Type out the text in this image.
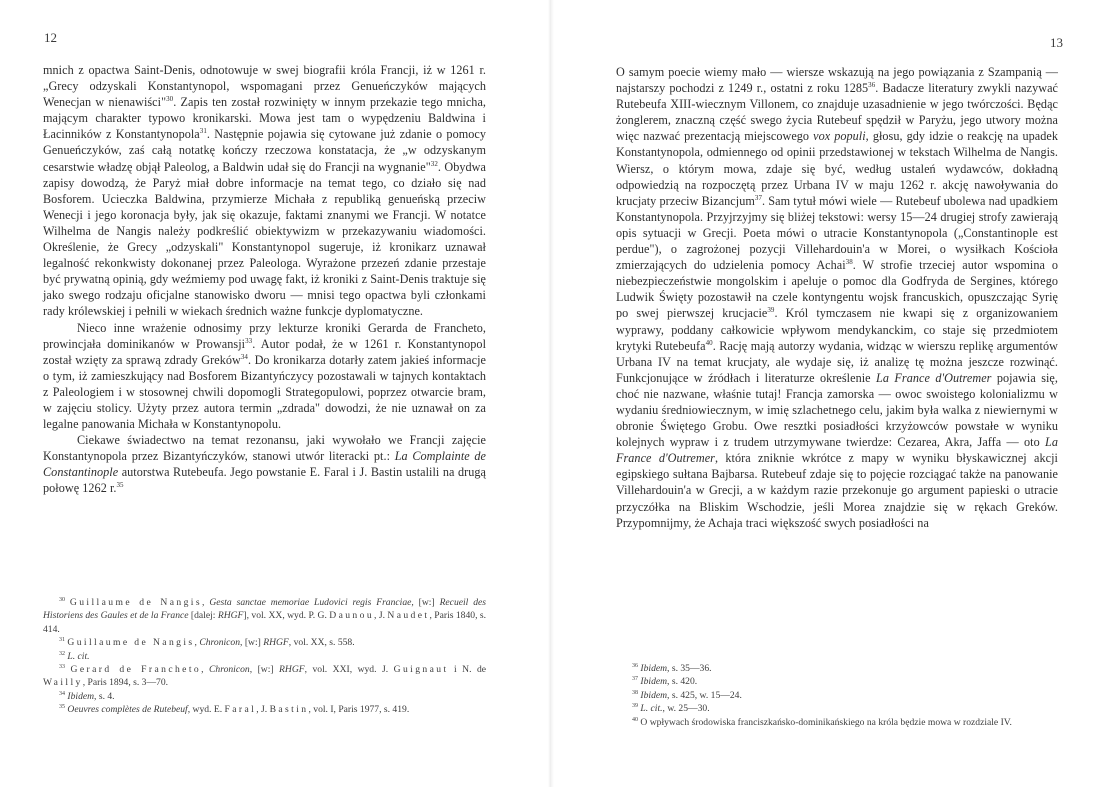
12

mnich z opactwa Saint-Denis, odnotowuje w swej biografii króla Francji, iż w 1261 r. „Grecy odzyskali Konstantynopol, wspomagani przez Genueńczyków mających Wenecjan w nienawiści"$^{30}$. Zapis ten został rozwinięty w innym przekazie tego mnicha, mającym charakter typowo kronikarski. Mowa jest tam o wypędzeniu Baldwina i Łacinników z Konstantynopola$^{31}$. Następnie pojawia się cytowane już zdanie o pomocy Genueńczyków, zaś całą notatkę kończy rzeczowa konstatacja, że „w odzyskanym cesarstwie władzę objął Paleolog, a Baldwin udał się do Francji na wygnanie"$^{32}$. Obydwa zapisy dowodzą, że Paryż miał dobre informacje na temat tego, co działo się nad Bosforem. Ucieczka Baldwina, przymierze Michała z republiką genueńską przeciw Wenecji i jego koronacja były, jak się okazuje, faktami znanymi we Francji. W notatce Wilhelma de Nangis należy podkreślić obiektywizm w przekazywaniu wiadomości. Określenie, że Grecy „odzyskali" Konstantynopol sugeruje, iż kronikarz uznawał legalność rekonkwisty dokonanej przez Paleologa. Wyrażone przezeń zdanie przestaje być prywatną opinią, gdy weźmiemy pod uwagę fakt, iż kroniki z Saint-Denis traktuje się jako swego rodzaju oficjalne stanowisko dworu — mnisi tego opactwa byli członkami rady królewskiej i pełnili w wiekach średnich ważne funkcje dyplomatyczne.

Nieco inne wrażenie odnosimy przy lekturze kroniki Gerarda de Francheto, prowincjała dominikanów w Prowansji$^{33}$. Autor podał, że w 1261 r. Konstantynopol został wzięty za sprawą zdrady Greków$^{34}$. Do kronikarza dotarły zatem jakieś informacje o tym, iż zamieszkujący nad Bosforem Bizantyńczycy pozostawali w tajnych kontaktach z Paleologiem i w stosownej chwili dopomogli Strategopulowi, poprzez otwarcie bram, w zajęciu stolicy. Użyty przez autora termin „zdrada" dowodzi, że nie uznawał on za legalne panowania Michała w Konstantynopolu.

Ciekawe świadectwo na temat rezonansu, jaki wywołało we Francji zajęcie Konstantynopola przez Bizantyńczyków, stanowi utwór literacki pt.: La Complainte de Constantinople autorstwa Rutebeufa. Jego powstanie E. Faral i J. Bastin ustalili na drugą połowę 1262 r.$^{35}$

$^{30}$ Guillaume de Nangis, Gesta sanctae memoriae Ludovici regis Franciae, [w:] Recueil des Historiens des Gaules et de la France [dalej: RHGF], vol. XX, wyd. P. G. Daunou, J. Naudet, Paris 1840, s. 414.

$^{31}$ Guillaume de Nangis, Chronicon, [w:] RHGF, vol. XX, s. 558.

$^{32}$ L. cit.

$^{33}$ Gerard de Francheto, Chronicon, [w:] RHGF, vol. XXI, wyd. J. Guignaut i N. de Wailly, Paris 1894, s. 3—70.

$^{34}$ Ibidem, s. 4.

$^{35}$ Oeuvres complètes de Rutebeuf, wyd. E. Faral, J. Bastin, vol. I, Paris 1977, s. 419.

13

O samym poecie wiemy mało — wiersze wskazują na jego powiązania z Szampanią — najstarszy pochodzi z 1249 r., ostatni z roku 1285$^{36}$. Badacze literatury zwykli nazywać Rutebeufa XIII-wiecznym Villonem, co znajduje uzasadnienie w jego twórczości. Będąc żonglerem, znaczną część swego życia Rutebeuf spędził w Paryżu, jego utwory można więc nazwać prezentacją miejscowego vox populi, głosu, gdy idzie o reakcję na upadek Konstantynopola, odmiennego od opinii przedstawionej w tekstach Wilhelma de Nangis. Wiersz, o którym mowa, zdaje się być, według ustaleń wydawców, dokładną odpowiedzią na rozpoczętą przez Urbana IV w maju 1262 r. akcję nawoływania do krucjaty przeciw Bizancjum$^{37}$. Sam tytuł mówi wiele — Rutebeuf ubolewa nad upadkiem Konstantynopola. Przyjrzyjmy się bliżej tekstowi: wersy 15—24 drugiej strofy zawierają opis sytuacji w Grecji. Poeta mówi o utracie Konstantynopola („Constantinople est perdue"), o zagrożonej pozycji Villehardouin'a w Morei, o wysiłkach Kościoła zmierzających do udzielenia pomocy Achai$^{38}$. W strofie trzeciej autor wspomina o niebezpieczeństwie mongolskim i apeluje o pomoc dla Godfryda de Sergines, którego Ludwik Święty pozostawił na czele kontyngentu wojsk francuskich, opuszczając Syrię po swej pierwszej krucjacie$^{39}$. Król tymczasem nie kwapi się z organizowaniem wyprawy, poddany całkowicie wpływom mendykanckim, co staje się przedmiotem krytyki Rutebeufa$^{40}$. Rację mają autorzy wydania, widząc w wierszu replikę argumentów Urbana IV na temat krucjaty, ale wydaje się, iż analizę tę można jeszcze rozwinąć. Funkcjonujące w źródłach i literaturze określenie La France d'Outremer pojawia się, choć nie nazwane, właśnie tutaj! Francja zamorska — owoc swoistego kolonializmu w wydaniu średniowiecznym, w imię szlachetnego celu, jakim była walka z niewiernymi w obronie Świętego Grobu. Owe resztki posiadłości krzyżowców powstałe w wyniku kolejnych wypraw i z trudem utrzymywane twierdze: Cezarea, Akra, Jaffa — oto La France d'Outremer, która zniknie wkrótce z mapy w wyniku błyskawicznej akcji egipskiego sułtana Bajbarsa. Rutebeuf zdaje się to pojęcie rozciągać także na panowanie Villehardouin'a w Grecji, a w każdym razie przekonuje go argument papieski o utracie przyczółka na Bliskim Wschodzie, jeśli Morea znajdzie się w rękach Greków. Przypomnijmy, że Achaja traci większość swych posiadłości na

$^{36}$ Ibidem, s. 35—36.

$^{37}$ Ibidem, s. 420.

$^{38}$ Ibidem, s. 425, w. 15—24.

$^{39}$ L. cit., w. 25—30.

$^{40}$ O wpływach środowiska franciszkańsko-dominikańskiego na króla będzie mowa w rozdziale IV.
